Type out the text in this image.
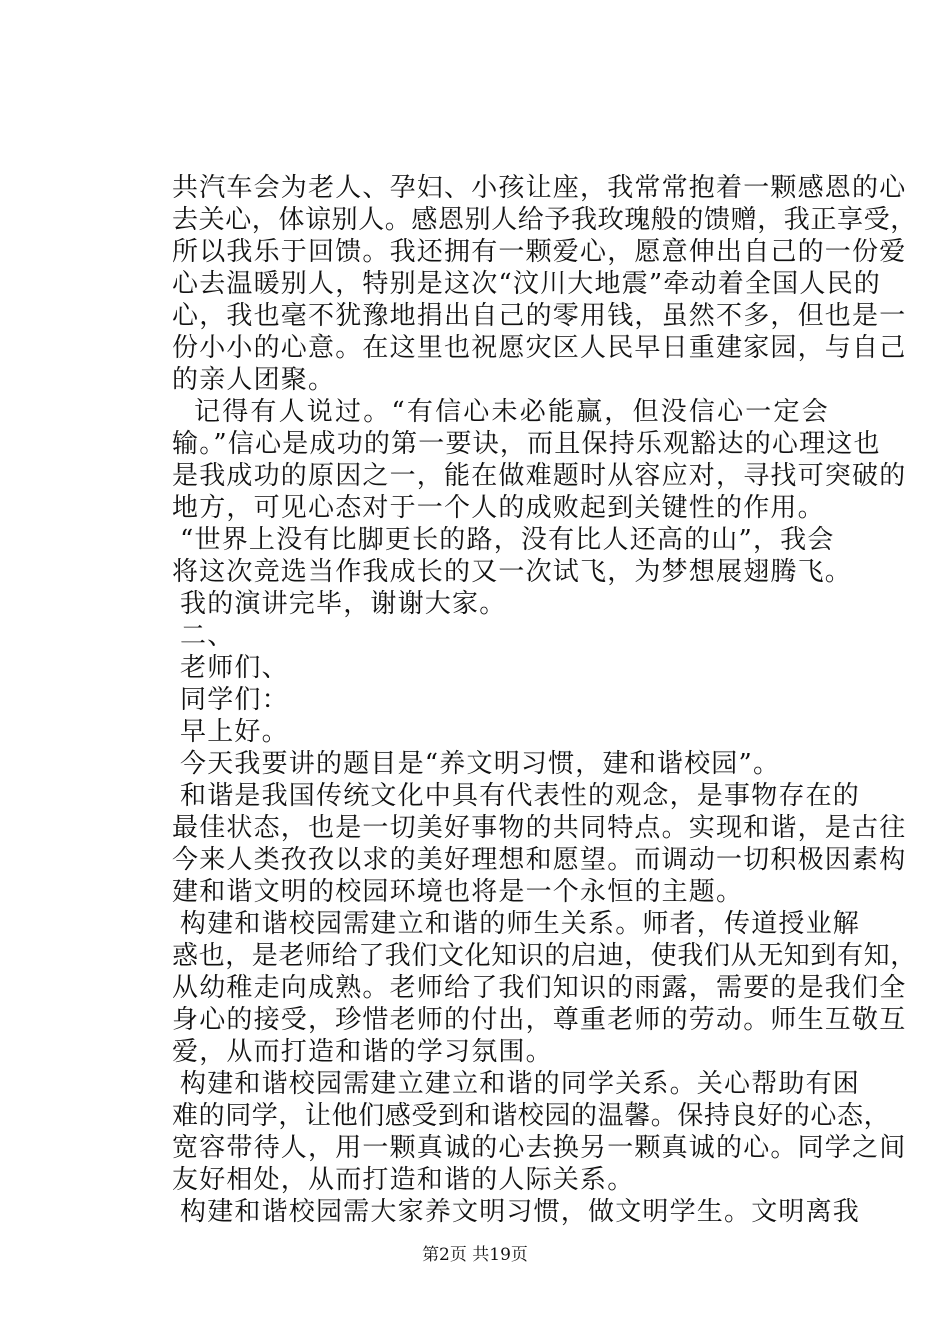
共汽车会为老人、孕妇、小孩让座，我常常抱着一颗感恩的心
去关心，体谅别人。感恩别人给予我玫瑰般的馈赠，我正享受，
所以我乐于回馈。我还拥有一颗爱心，愿意伸出自己的一份爱
心去温暖别人，特别是这次“汶川大地震”牵动着全国人民的
心，我也毫不犹豫地捐出自己的零用钱，虽然不多，但也是一
份小小的心意。在这里也祝愿灾区人民早日重建家园，与自己
的亲人团聚。
记得有人说过。“有信心未必能赢，但没信心一定会
输。”信心是成功的第一要诀，而且保持乐观豁达的心理这也
是我成功的原因之一，能在做难题时从容应对，寻找可突破的
地方，可见心态对于一个人的成败起到关键性的作用。
“世界上没有比脚更长的路，没有比人还高的山”，我会
将这次竞选当作我成长的又一次试飞，为梦想展翅腾飞。
我的演讲完毕，谢谢大家。
二、
老师们、
同学们：
早上好。
今天我要讲的题目是“养文明习惯，建和谐校园”。
和谐是我国传统文化中具有代表性的观念，是事物存在的
最佳状态，也是一切美好事物的共同特点。实现和谐，是古往
今来人类孜孜以求的美好理想和愿望。而调动一切积极因素构
建和谐文明的校园环境也将是一个永恒的主题。
构建和谐校园需建立和谐的师生关系。师者，传道授业解
惑也，是老师给了我们文化知识的启迪，使我们从无知到有知，
从幼稚走向成熟。老师给了我们知识的雨露，需要的是我们全
身心的接受，珍惜老师的付出，尊重老师的劳动。师生互敬互
爱，从而打造和谐的学习氛围。
构建和谐校园需建立建立和谐的同学关系。关心帮助有困
难的同学，让他们感受到和谐校园的温馨。保持良好的心态，
宽容带待人，用一颗真诚的心去换另一颗真诚的心。同学之间
友好相处，从而打造和谐的人际关系。
构建和谐校园需大家养文明习惯，做文明学生。文明离我
第2页 共19页
